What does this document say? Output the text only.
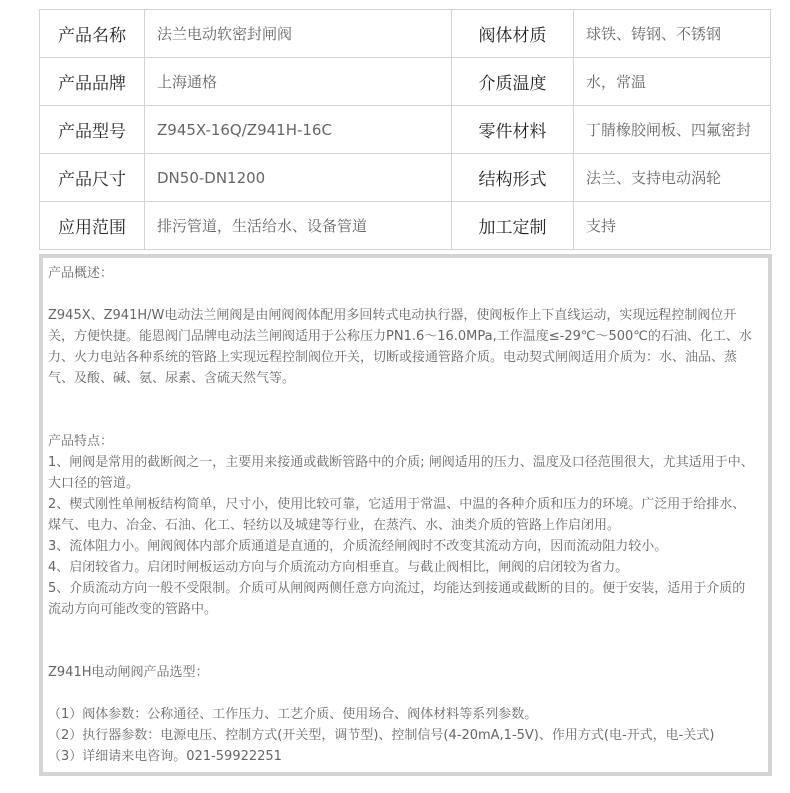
产品名称	法兰电动软密封闸阀	阀体材质	球铁、铸钢、不锈钢
产品品牌	上海通格	介质温度	水，常温
产品型号	Z945X-16Q/Z941H-16C	零件材料	丁腈橡胶闸板、四氟密封
产品尺寸	DN50-DN1200	结构形式	法兰、支持电动涡轮
应用范围	排污管道，生活给水、设备管道	加工定制	支持

产品概述：

Z945X、Z941H/W电动法兰闸阀是由闸阀阀体配用多回转式电动执行器，使阀板作上下直线运动，实现远程控制阀位开关，方便快捷。能恩阀门品牌电动法兰闸阀适用于公称压力PN1.6～16.0MPa,工作温度≤-29℃～500℃的石油、化工、水力、火力电站各种系统的管路上实现远程控制阀位开关，切断或接通管路介质。电动契式闸阀适用介质为：水、油品、蒸气、及酸、碱、氨、尿素、含硫天然气等。

产品特点：

1、闸阀是常用的截断阀之一，主要用来接通或截断管路中的介质; 闸阀适用的压力、温度及口径范围很大，尤其适用于中、大口径的管道。

2、楔式刚性单闸板结构简单，尺寸小，使用比较可靠，它适用于常温、中温的各种介质和压力的环境。广泛用于给排水、煤气、电力、冶金、石油、化工、轻纺以及城建等行业，在蒸汽、水、油类介质的管路上作启闭用。

3、流体阻力小。闸阀阀体内部介质通道是直通的，介质流经闸阀时不改变其流动方向，因而流动阻力较小。

4、启闭较省力。启闭时闸板运动方向与介质流动方向相垂直。与截止阀相比，闸阀的启闭较为省力。

5、介质流动方向一般不受限制。介质可从闸阀两侧任意方向流过，均能达到接通或截断的目的。便于安装，适用于介质的流动方向可能改变的管路中。

Z941H电动闸阀产品选型：

（1）阀体参数：公称通径、工作压力、工艺介质、使用场合、阀体材料等系列参数。

（2）执行器参数：电源电压、控制方式(开关型，调节型)、控制信号(4-20mA,1-5V)、作用方式(电-开式，电-关式)

（3）详细请来电咨询。021-59922251
